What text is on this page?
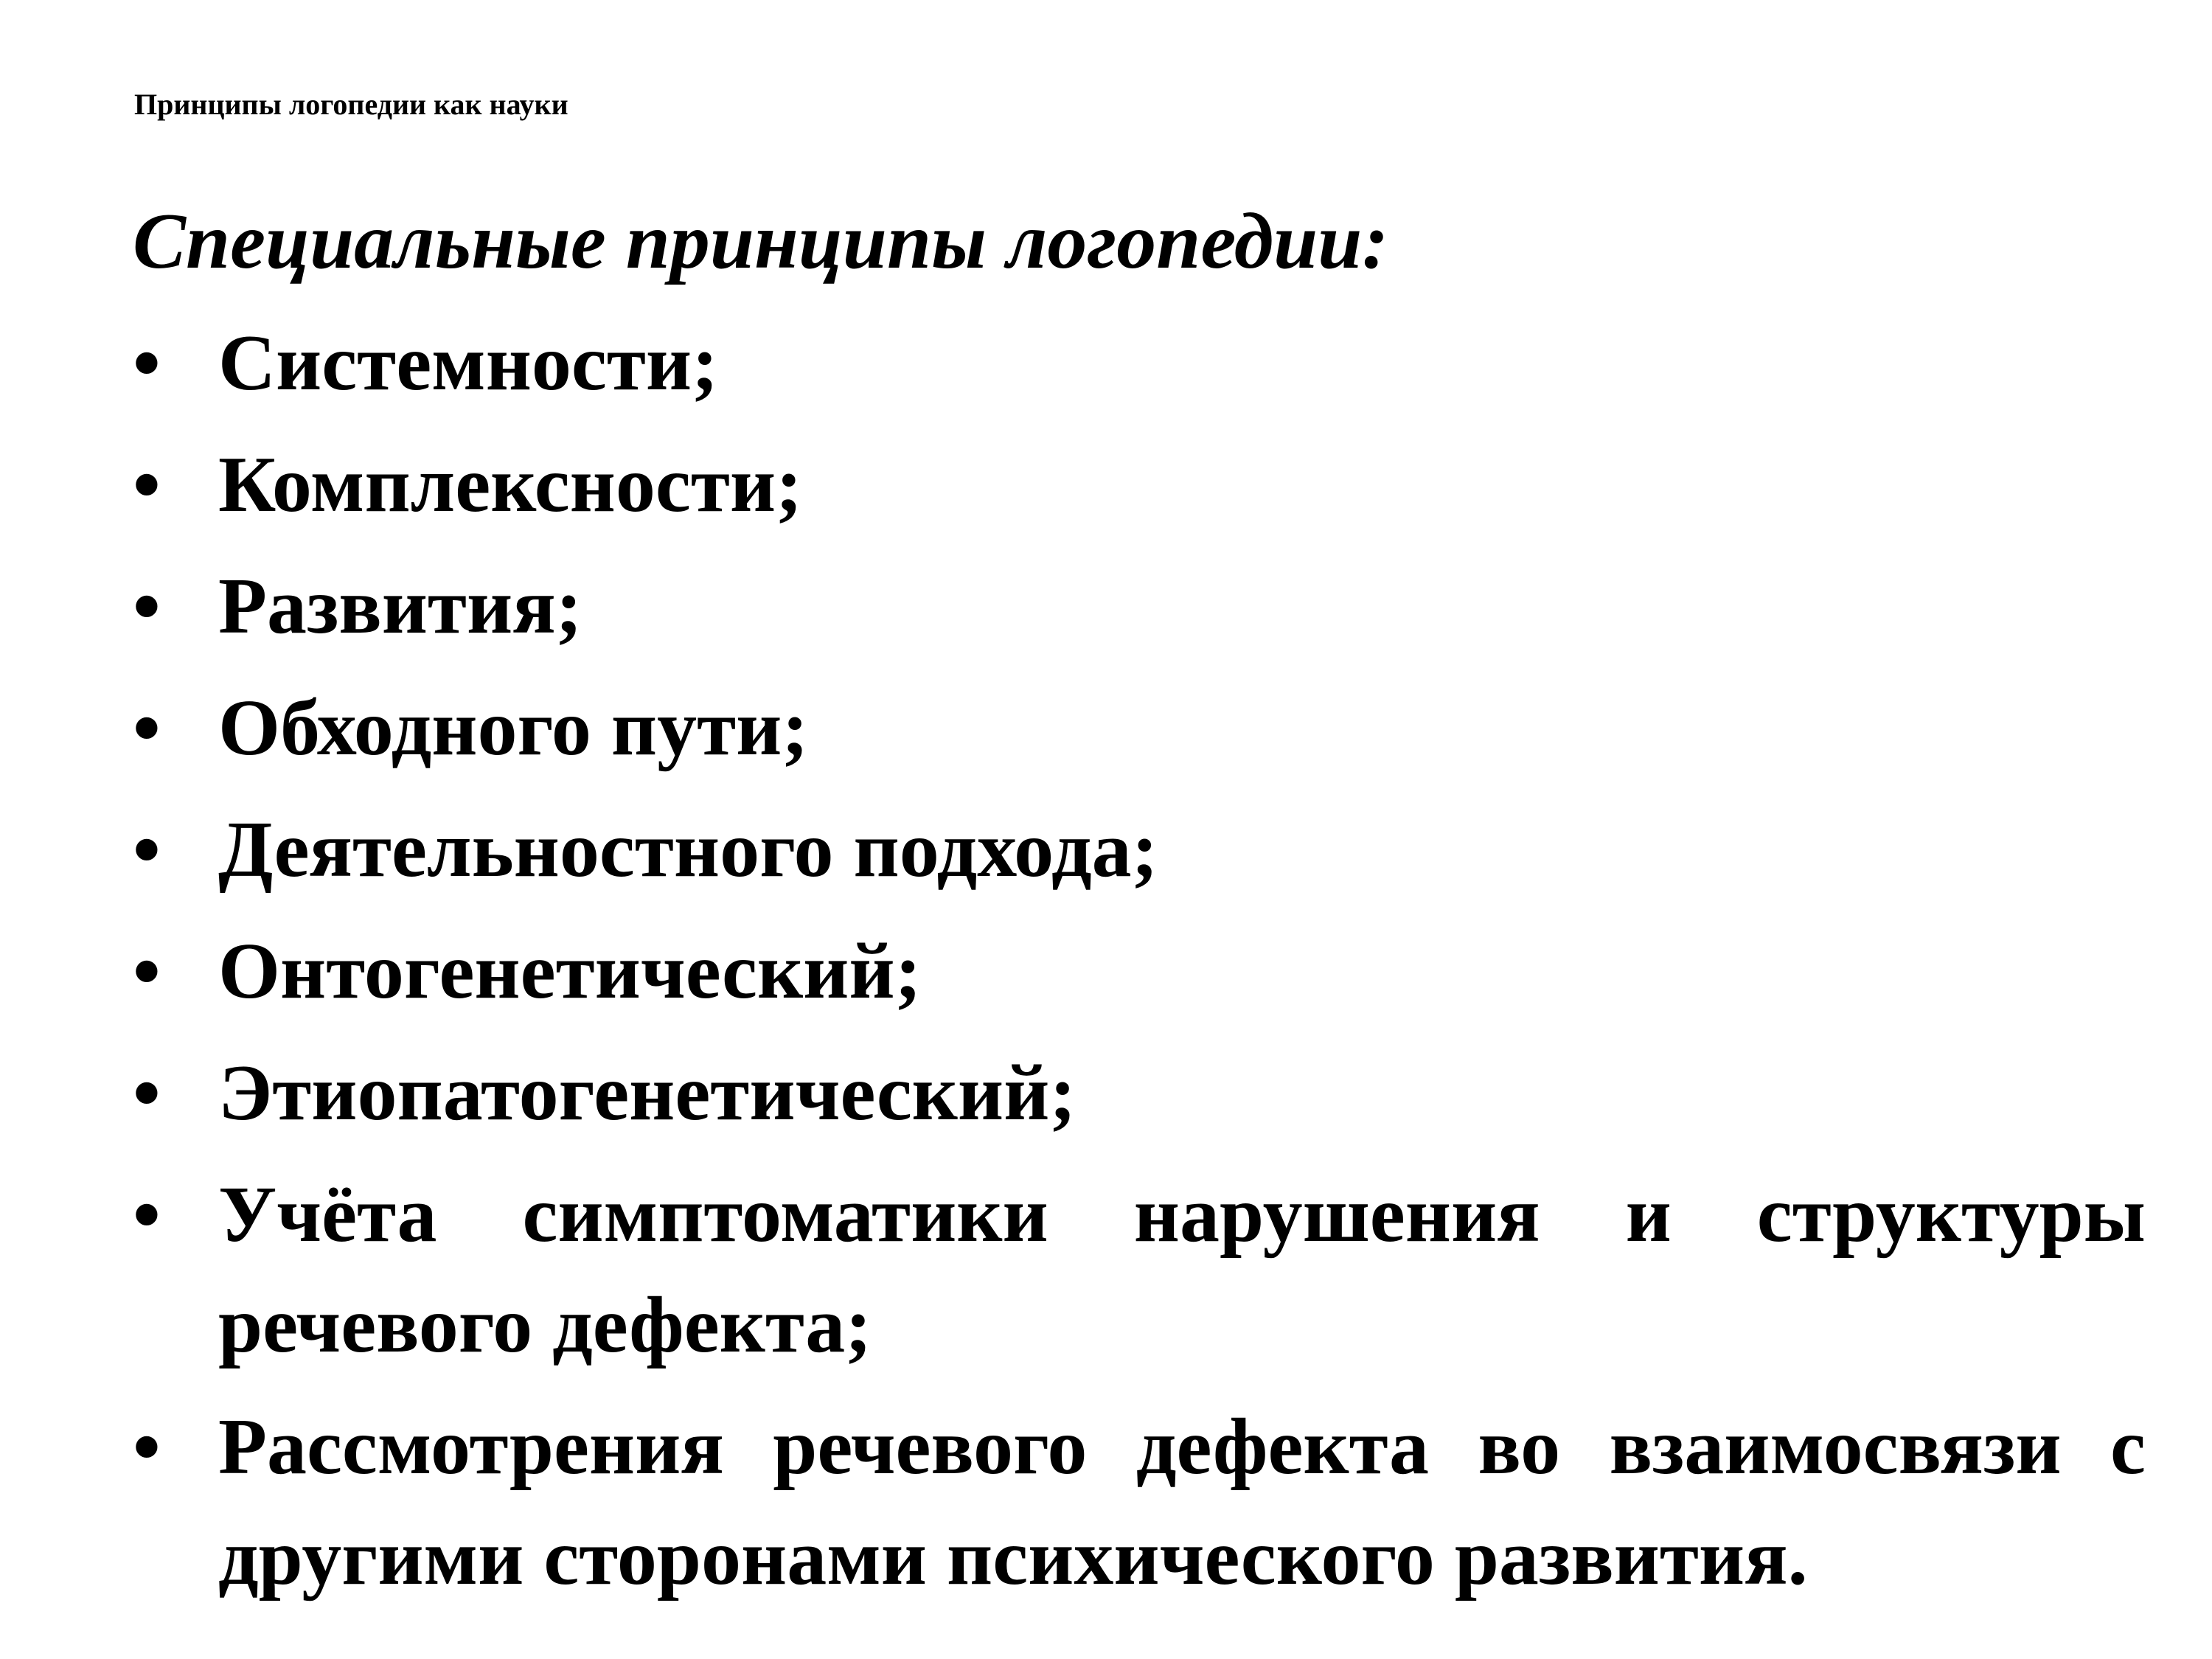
Принципы логопедии как науки
Специальные принципы логопедии:
• Системности;
• Комплексности;
• Развития;
• Обходного пути;
• Деятельностного подхода;
• Онтогенетический;
• Этиопатогенетический;
• Учёта симптоматики нарушения и структуры речевого дефекта;
• Рассмотрения речевого дефекта во взаимосвязи с другими сторонами психического развития.
